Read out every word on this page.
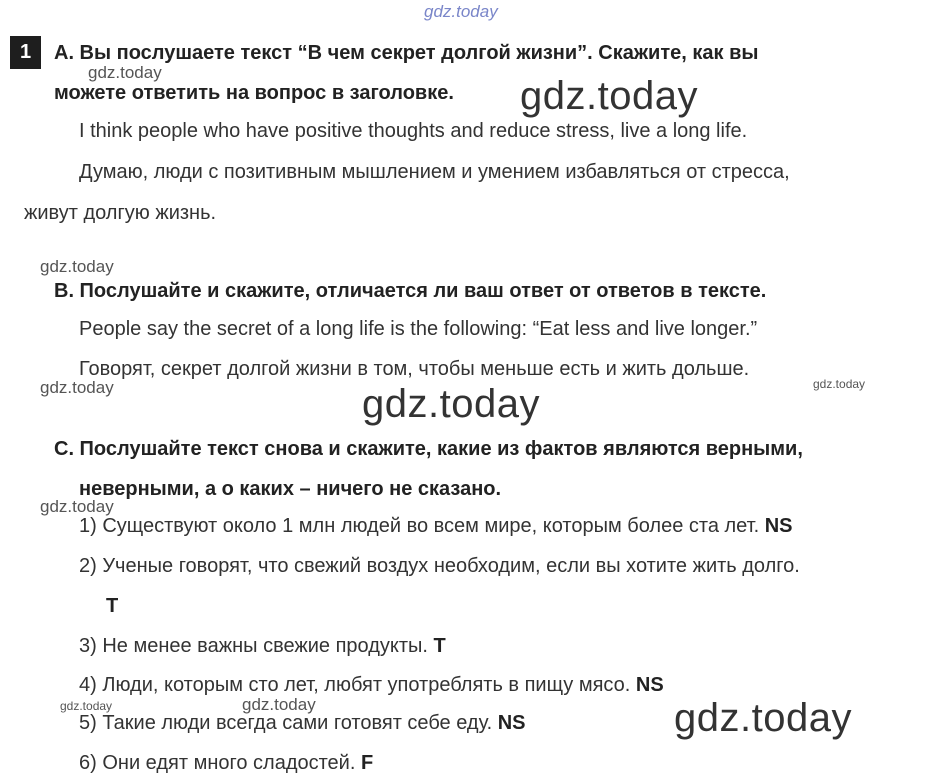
gdz.today
gdz.today
gdz.today
gdz.today
gdz.today	gdz.today
gdz.today
gdz.today
gdz.today	gdz.today	gdz.today
1	A. Вы послушаете текст “В чем секрет долгой жизни”. Скажите, как вы
можете ответить на вопрос в заголовке.
I think people who have positive thoughts and reduce stress, live a long life.
Думаю, люди с позитивным мышлением и умением избавляться от стресса,
живут долгую жизнь.
B. Послушайте и скажите, отличается ли ваш ответ от ответов в тексте.
People say the secret of a long life is the following: “Eat less and live longer.”
Говорят, секрет долгой жизни в том, чтобы меньше есть и жить дольше.
C. Послушайте текст снова и скажите, какие из фактов являются верными,
неверными, а о каких – ничего не сказано.
1) Существуют около 1 млн людей во всем мире, которым более ста лет. NS
2) Ученые говорят, что свежий воздух необходим, если вы хотите жить долго.
T
3) Не менее важны свежие продукты. T
4) Люди, которым сто лет, любят употреблять в пищу мясо. NS
5) Такие люди всегда сами готовят себе еду. NS
6) Они едят много сладостей. F
